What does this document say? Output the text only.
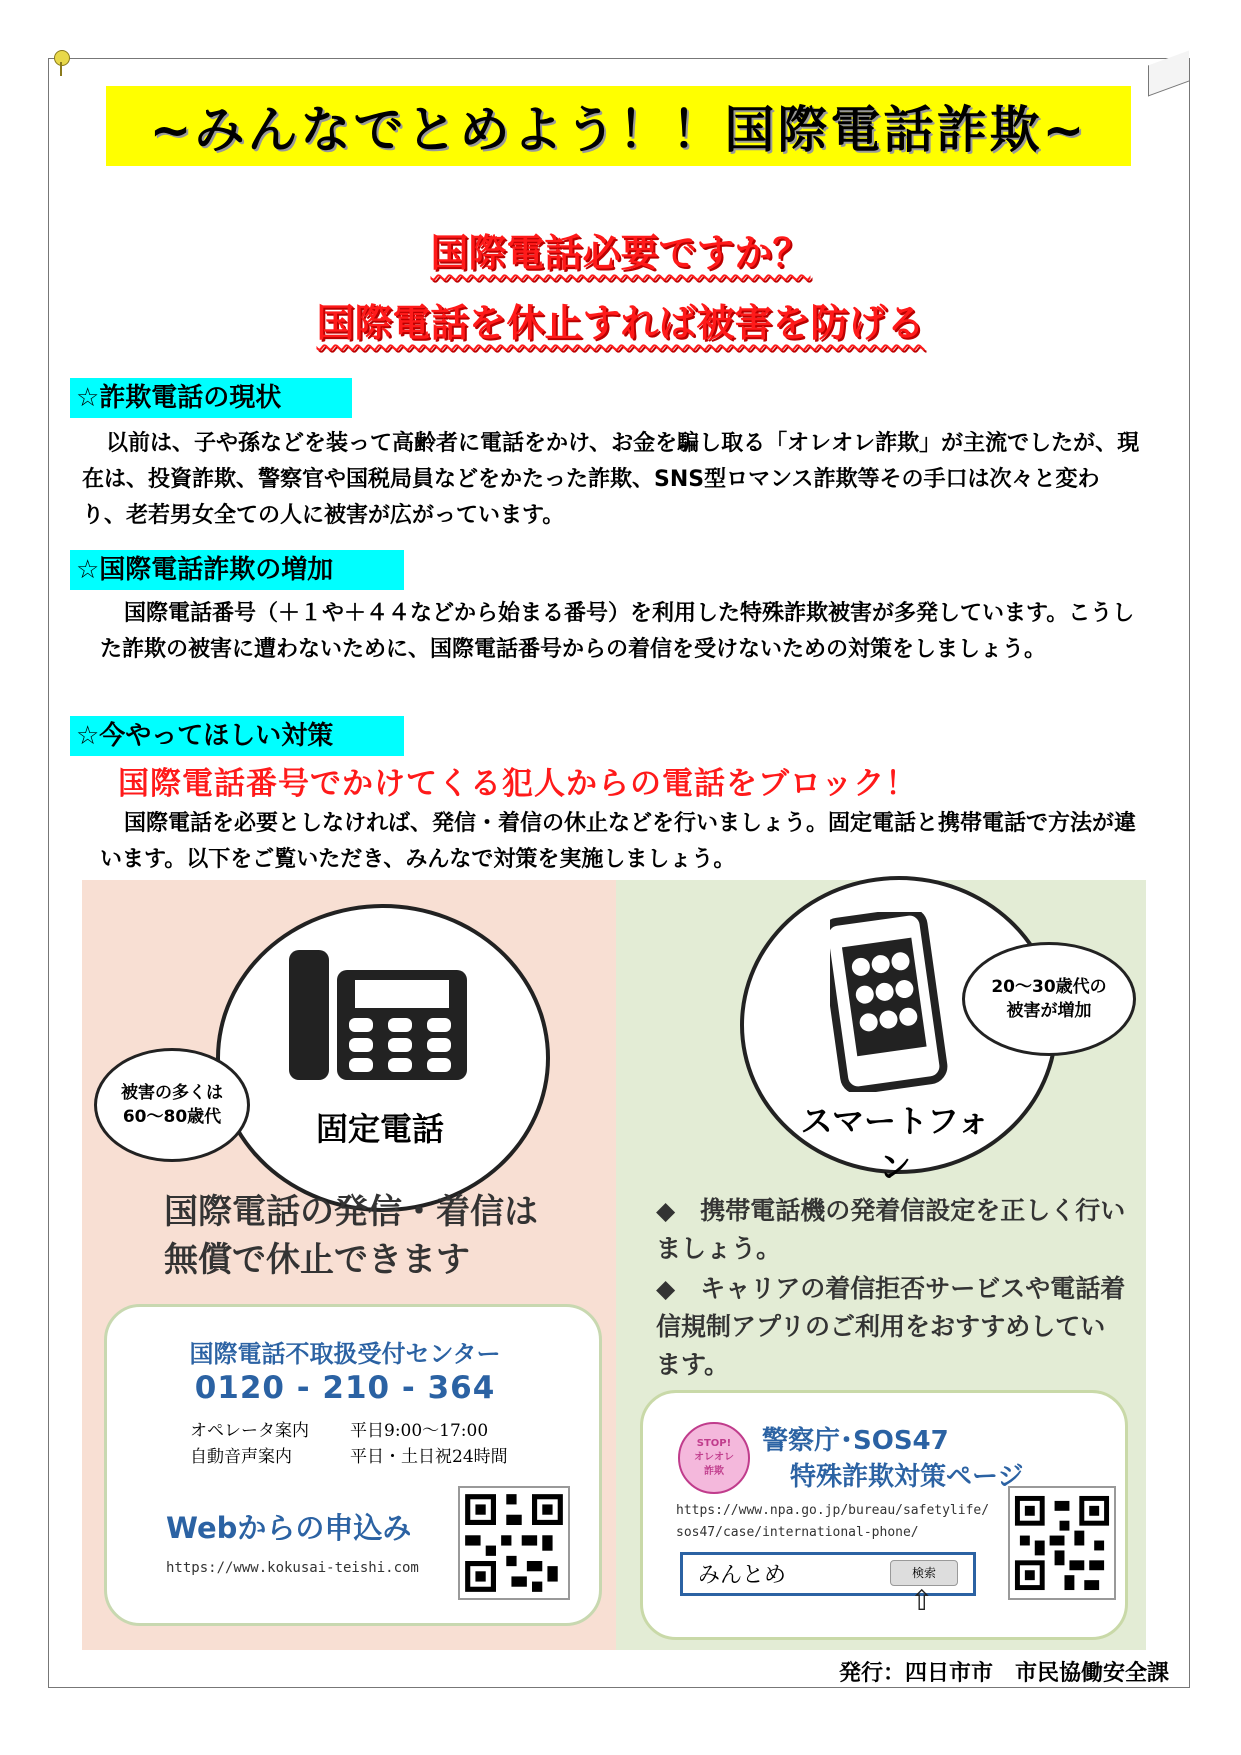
~みんなでとめよう！！国際電話詐欺~
国際電話必要ですか？
国際電話を休止すれば被害を防げる
☆詐欺電話の現状
以前は、子や孫などを装って高齢者に電話をかけ、お金を騙し取る「オレオレ詐欺」が主流でしたが、現在は、投資詐欺、警察官や国税局員などをかたった詐欺、SNS型ロマンス詐欺等その手口は次々と変わり、老若男女全ての人に被害が広がっています。
☆国際電話詐欺の増加
国際電話番号（＋１や＋４４などから始まる番号）を利用した特殊詐欺被害が多発しています。こうした詐欺の被害に遭わないために、国際電話番号からの着信を受けないための対策をしましょう。
☆今やってほしい対策
国際電話番号でかけてくる犯人からの電話をブロック！
国際電話を必要としなければ、発信・着信の休止などを行いましょう。固定電話と携帯電話で方法が違います。以下をご覧いただき、みんなで対策を実施しましょう。
固定電話
被害の多くは
60～80歳代	スマートフォン
20～30歳代の
被害が増加
国際電話の発信・着信は
無償で休止できます
◆　携帯電話機の発着信設定を正しく行いましょう。
◆　キャリアの着信拒否サービスや電話着信規制アプリのご利用をおすすめしています。
国際電話不取扱受付センター
0120 - 210 - 364
オペレータ案内 平日9:00～17:00
自動音声案内	平日・土日祝24時間
Webからの申込み
https://www.kokusai-teishi.com
STOP!
オレオレ
詐欺
警察庁･SOS47
特殊詐欺対策ページ
https://www.npa.go.jp/bureau/safetylife/sos47/case/international-phone/
みんとめ	検索
⇧
発行：四日市市　市民協働安全課
